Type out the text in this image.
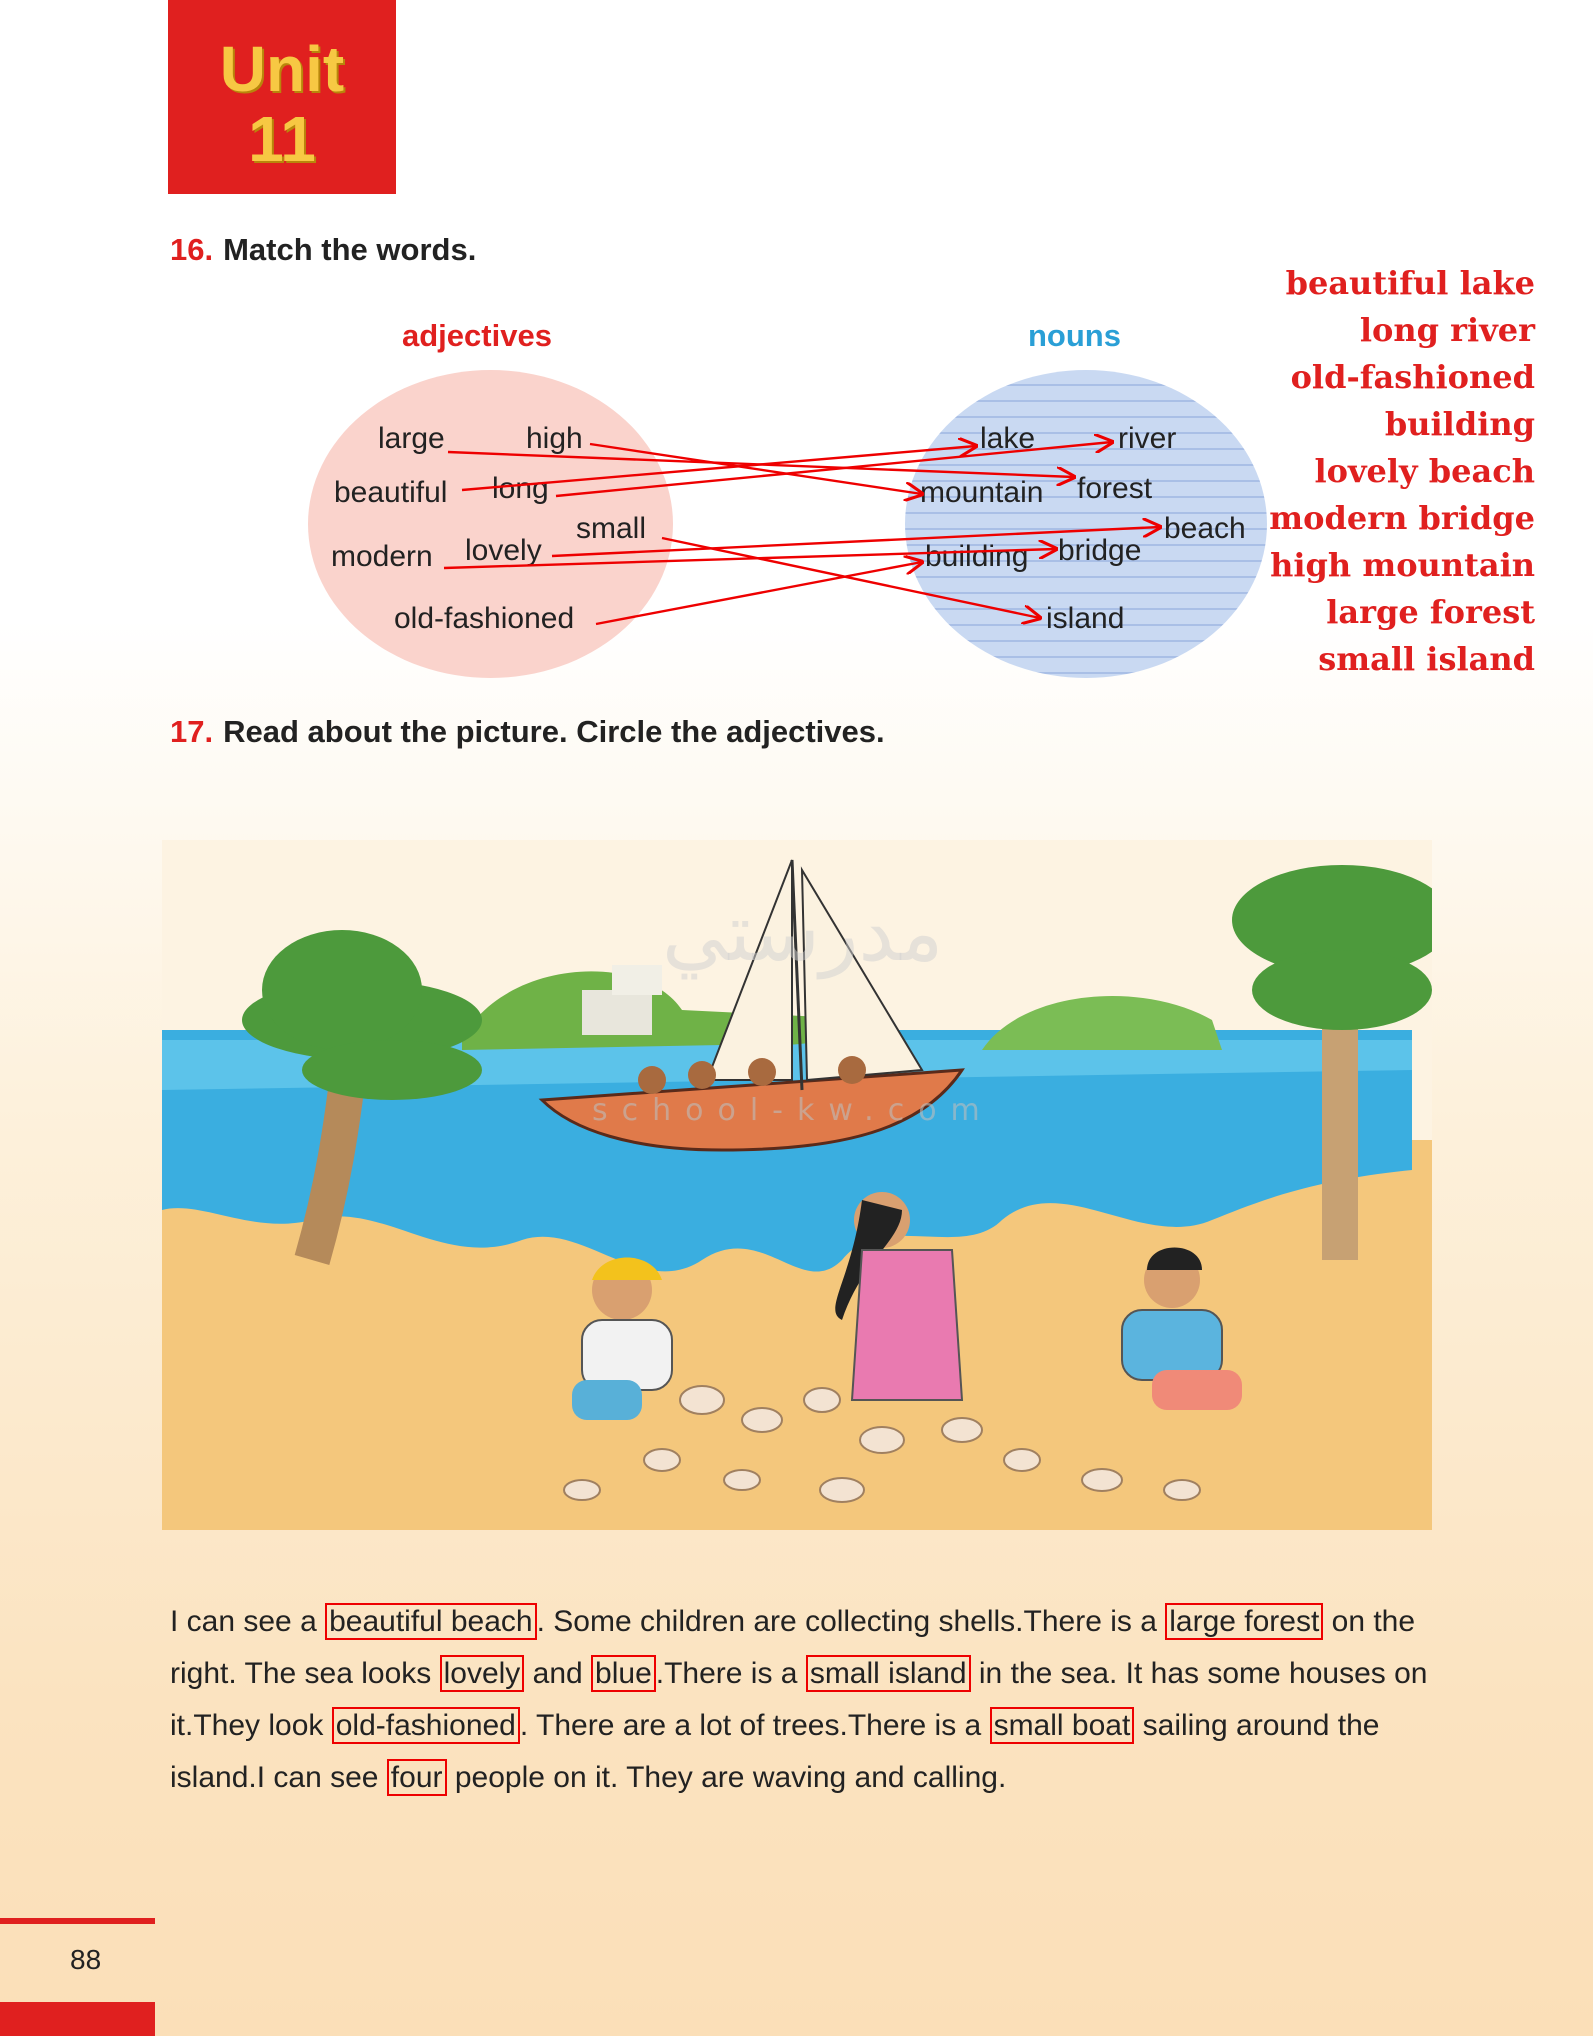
Unit
11
16. Match the words.
adjectives	nouns
large	high
beautiful long
small
modern lovely
old-fashioned
lake	river
mountain forest
beach
building bridge
island
beautiful lake
long river
old-fashioned
building
lovely beach
modern bridge
high mountain
large forest
small island
17. Read about the picture. Circle the adjectives.
مدرستي
school-kw.com
I can see a beautiful beach . Some children are collecting shells.There is a large forest on the right. The sea looks lovely and blue .There is a small island in the sea. It has some houses on it.They look old-fashioned . There are a lot of trees.There is a small boat sailing around the island.I can see four people on it. They are waving and calling.
88
